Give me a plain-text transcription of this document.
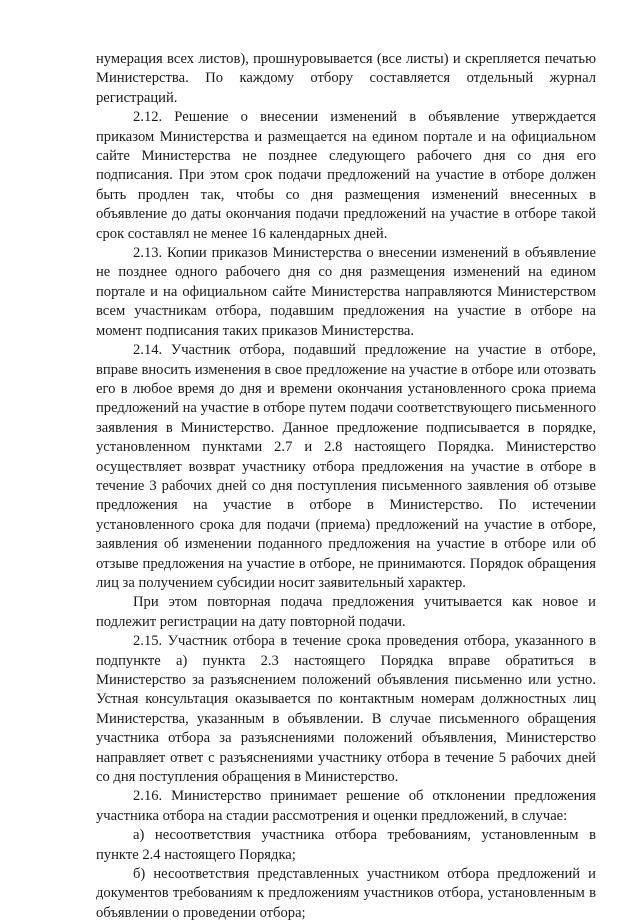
нумерация всех листов), прошнуровывается (все листы) и скрепляется печатью Министерства. По каждому отбору составляется отдельный журнал регистраций.

2.12. Решение о внесении изменений в объявление утверждается приказом Министерства и размещается на едином портале и на официальном сайте Министерства не позднее следующего рабочего дня со дня его подписания. При этом срок подачи предложений на участие в отборе должен быть продлен так, чтобы со дня размещения изменений внесенных в объявление до даты окончания подачи предложений на участие в отборе такой срок составлял не менее 16 календарных дней.

2.13. Копии приказов Министерства о внесении изменений в объявление не позднее одного рабочего дня со дня размещения изменений на едином портале и на официальном сайте Министерства направляются Министерством всем участникам отбора, подавшим предложения на участие в отборе на момент подписания таких приказов Министерства.

2.14. Участник отбора, подавший предложение на участие в отборе, вправе вносить изменения в свое предложение на участие в отборе или отозвать его в любое время до дня и времени окончания установленного срока приема предложений на участие в отборе путем подачи соответствующего письменного заявления в Министерство. Данное предложение подписывается в порядке, установленном пунктами 2.7 и 2.8 настоящего Порядка. Министерство осуществляет возврат участнику отбора предложения на участие в отборе в течение 3 рабочих дней со дня поступления письменного заявления об отзыве предложения на участие в отборе в Министерство. По истечении установленного срока для подачи (приема) предложений на участие в отборе, заявления об изменении поданного предложения на участие в отборе или об отзыве предложения на участие в отборе, не принимаются. Порядок обращения лиц за получением субсидии носит заявительный характер.

При этом повторная подача предложения учитывается как новое и подлежит регистрации на дату повторной подачи.

2.15. Участник отбора в течение срока проведения отбора, указанного в подпункте а) пункта 2.3 настоящего Порядка вправе обратиться в Министерство за разъяснением положений объявления письменно или устно. Устная консультация оказывается по контактным номерам должностных лиц Министерства, указанным в объявлении. В случае письменного обращения участника отбора за разъяснениями положений объявления, Министерство направляет ответ с разъяснениями участнику отбора в течение 5 рабочих дней со дня поступления обращения в Министерство.

2.16. Министерство принимает решение об отклонении предложения участника отбора на стадии рассмотрения и оценки предложений, в случае:

а) несоответствия участника отбора требованиям, установленным в пункте 2.4 настоящего Порядка;

б) несоответствия представленных участником отбора предложений и документов требованиям к предложениям участников отбора, установленным в объявлении о проведении отбора;
